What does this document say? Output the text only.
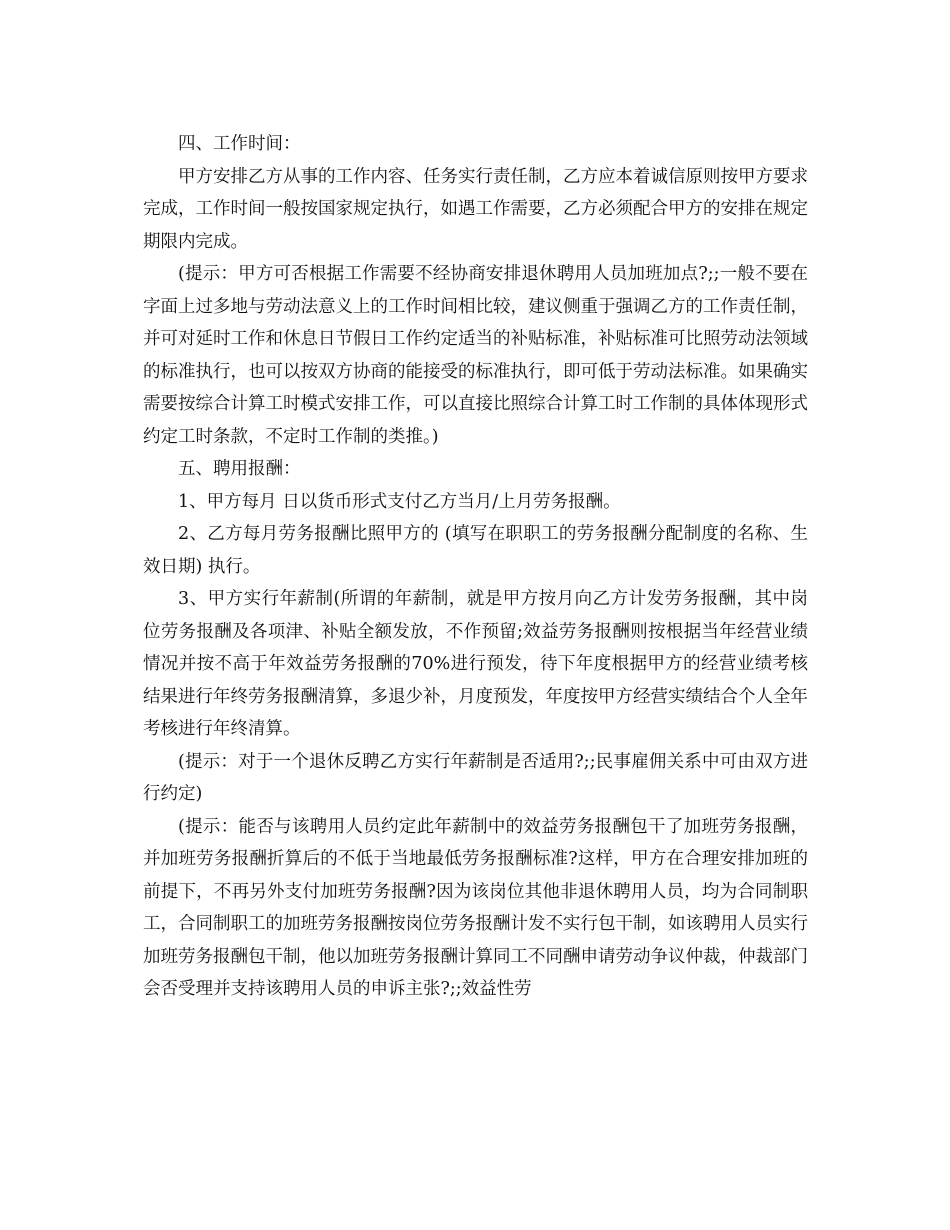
四、工作时间：

甲方安排乙方从事的工作内容、任务实行责任制，乙方应本着诚信原则按甲方要求完成，工作时间一般按国家规定执行，如遇工作需要，乙方必须配合甲方的安排在规定期限内完成。

(提示：甲方可否根据工作需要不经协商安排退休聘用人员加班加点?;;一般不要在字面上过多地与劳动法意义上的工作时间相比较，建议侧重于强调乙方的工作责任制，并可对延时工作和休息日节假日工作约定适当的补贴标准，补贴标准可比照劳动法领域的标准执行，也可以按双方协商的能接受的标准执行，即可低于劳动法标准。如果确实需要按综合计算工时模式安排工作，可以直接比照综合计算工时工作制的具体体现形式约定工时条款，不定时工作制的类推。)

五、聘用报酬：

1、甲方每月 日以货币形式支付乙方当月/上月劳务报酬。

2、乙方每月劳务报酬比照甲方的 (填写在职职工的劳务报酬分配制度的名称、生效日期) 执行。

3、甲方实行年薪制(所谓的年薪制，就是甲方按月向乙方计发劳务报酬，其中岗位劳务报酬及各项津、补贴全额发放，不作预留;效益劳务报酬则按根据当年经营业绩情况并按不高于年效益劳务报酬的70%进行预发，待下年度根据甲方的经营业绩考核结果进行年终劳务报酬清算，多退少补，月度预发，年度按甲方经营实绩结合个人全年考核进行年终清算。

(提示：对于一个退休反聘乙方实行年薪制是否适用?;;民事雇佣关系中可由双方进行约定)

(提示：能否与该聘用人员约定此年薪制中的效益劳务报酬包干了加班劳务报酬，并加班劳务报酬折算后的不低于当地最低劳务报酬标准?这样，甲方在合理安排加班的前提下，不再另外支付加班劳务报酬?因为该岗位其他非退休聘用人员，均为合同制职工，合同制职工的加班劳务报酬按岗位劳务报酬计发不实行包干制，如该聘用人员实行加班劳务报酬包干制，他以加班劳务报酬计算同工不同酬申请劳动争议仲裁，仲裁部门会否受理并支持该聘用人员的申诉主张?;;效益性劳
